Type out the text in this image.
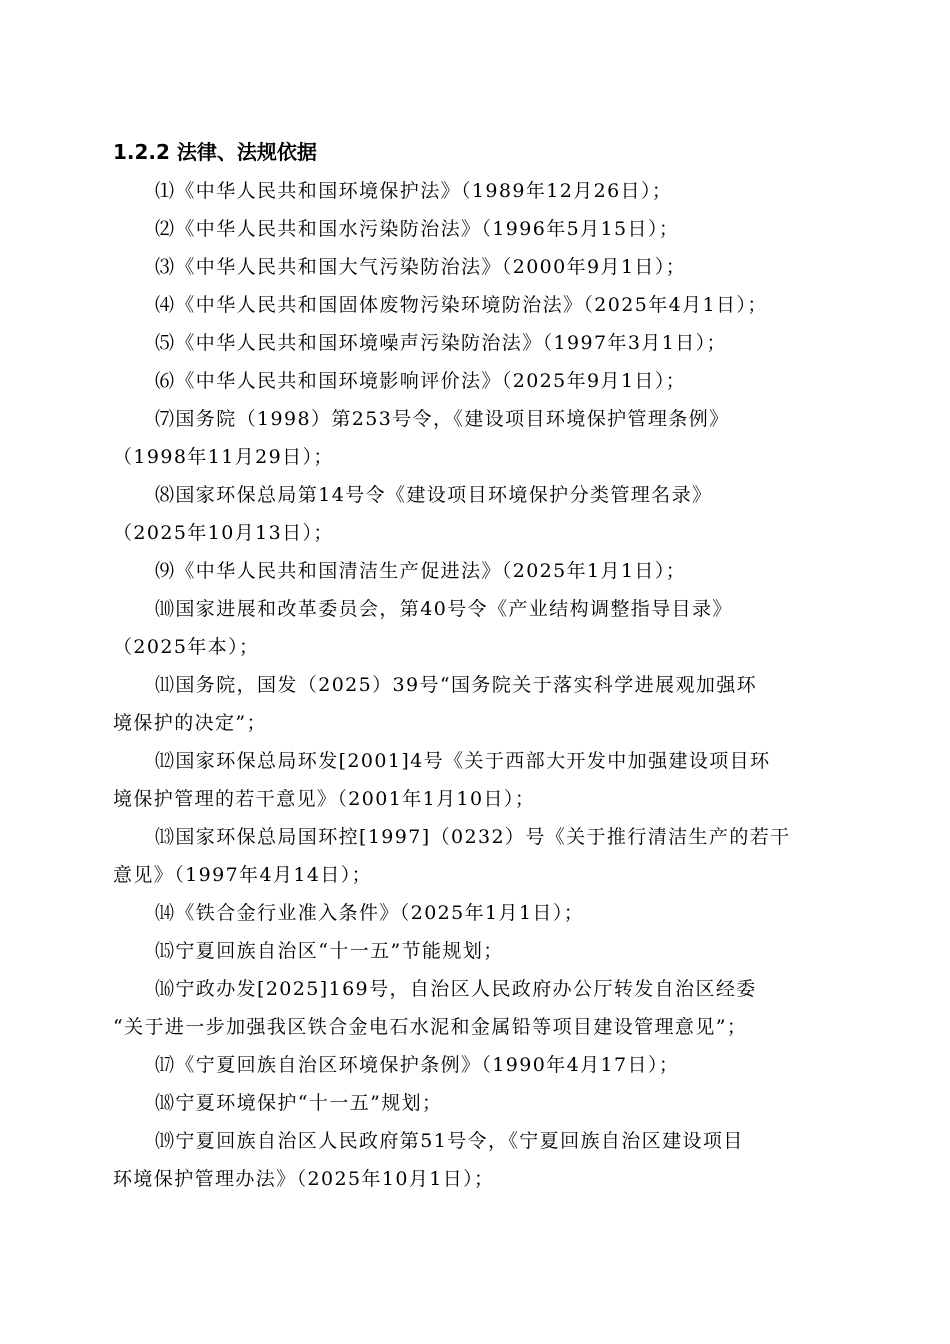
1.2.2 法律、法规依据
⑴《中华人民共和国环境保护法》（1989年12月26日）；
⑵《中华人民共和国水污染防治法》（1996年5月15日）；
⑶《中华人民共和国大气污染防治法》（2000年9月1日）；
⑷《中华人民共和国固体废物污染环境防治法》（2025年4月1日）；
⑸《中华人民共和国环境噪声污染防治法》（1997年3月1日）；
⑹《中华人民共和国环境影响评价法》（2025年9月1日）；
⑺国务院（1998）第253号令，《建设项目环境保护管理条例》
（1998年11月29日）；
⑻国家环保总局第14号令《建设项目环境保护分类管理名录》
（2025年10月13日）；
⑼《中华人民共和国清洁生产促进法》（2025年1月1日）；
⑽国家进展和改革委员会，第40号令《产业结构调整指导目录》
（2025年本）；
⑾国务院，国发（2025）39号“国务院关于落实科学进展观加强环
境保护的决定”；
⑿国家环保总局环发[2001]4号《关于西部大开发中加强建设项目环
境保护管理的若干意见》（2001年1月10日）；
⒀国家环保总局国环控[1997]（0232）号《关于推行清洁生产的若干
意见》（1997年4月14日）；
⒁《铁合金行业准入条件》（2025年1月1日）；
⒂宁夏回族自治区“十一五”节能规划；
⒃宁政办发[2025]169号，自治区人民政府办公厅转发自治区经委
“关于进一步加强我区铁合金电石水泥和金属铅等项目建设管理意见”；
⒄《宁夏回族自治区环境保护条例》（1990年4月17日）；
⒅宁夏环境保护“十一五”规划；
⒆宁夏回族自治区人民政府第51号令，《宁夏回族自治区建设项目
环境保护管理办法》（2025年10月1日）；
